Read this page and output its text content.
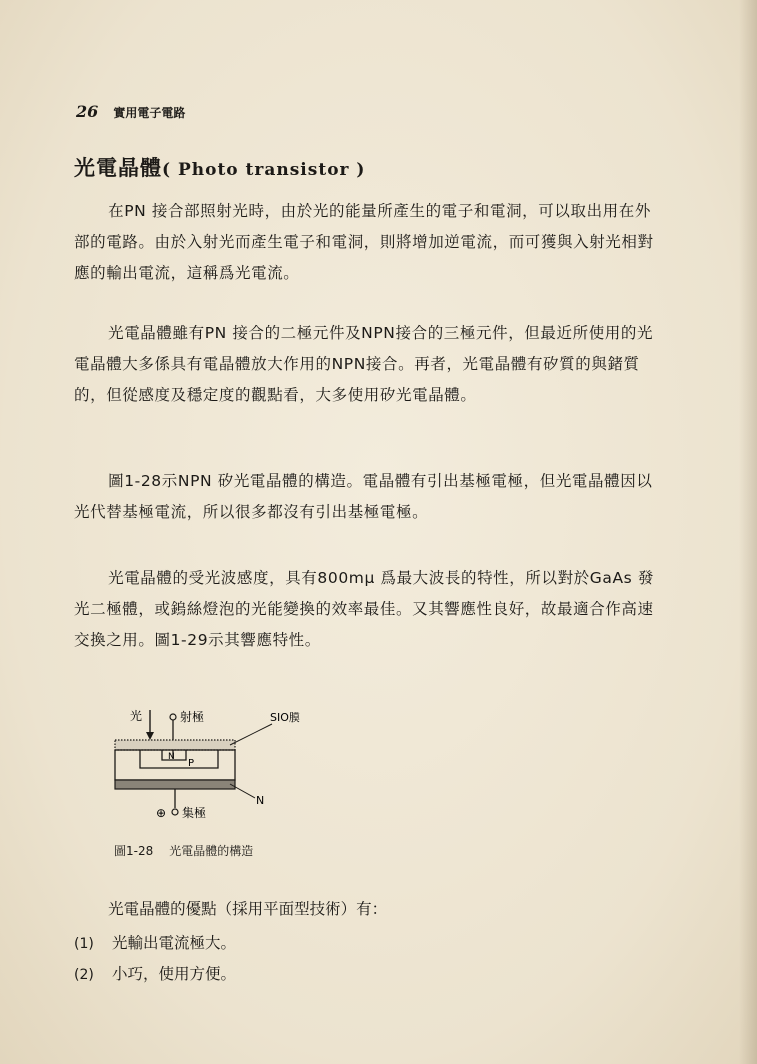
26 實用電子電路
光電晶體( Photo transistor )

在PN 接合部照射光時，由於光的能量所產生的電子和電洞，可以取出用在外部的電路。由於入射光而產生電子和電洞，則將增加逆電流，而可獲與入射光相對應的輸出電流，這稱爲光電流。

光電晶體雖有PN 接合的二極元件及NPN接合的三極元件，但最近所使用的光電晶體大多係具有電晶體放大作用的NPN接合。再者，光電晶體有矽質的與鍺質的，但從感度及穩定度的觀點看，大多使用矽光電晶體。

圖1-28示NPN 矽光電晶體的構造。電晶體有引出基極電極，但光電晶體因以光代替基極電流，所以很多都沒有引出基極電極。

光電晶體的受光波感度，具有800mμ 爲最大波長的特性，所以對於GaAs 發光二極體，或鎢絲燈泡的光能變換的效率最佳。又其響應性良好，故最適合作高速交換之用。圖1-29示其響應特性。

光	射極	SIO膜
N
P
N
⊕ 集極
圖1-28 光電晶體的構造

光電晶體的優點（採用平面型技術）有：

(1) 光輸出電流極大。
(2) 小巧，使用方便。
